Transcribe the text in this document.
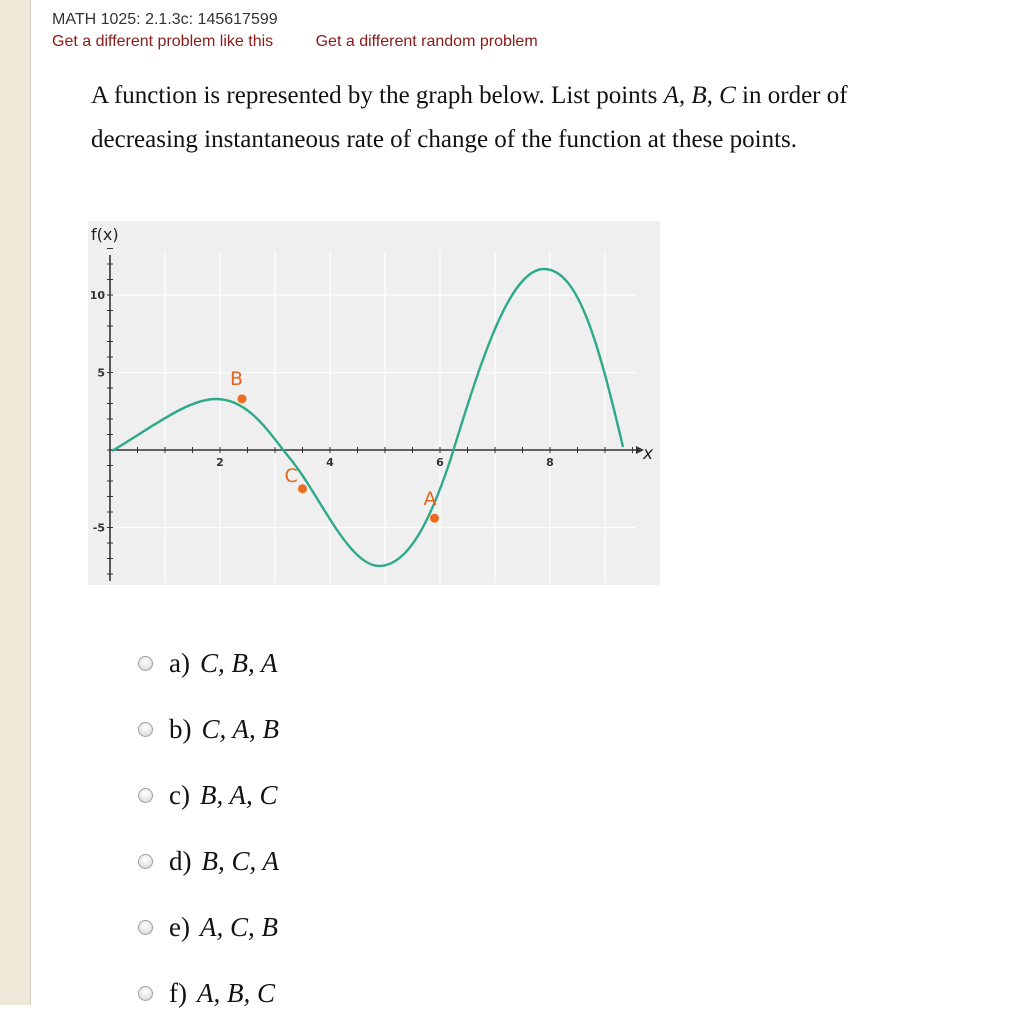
MATH 1025: 2.1.3c: 145617599

Get a different problem like this	Get a different random problem
A function is represented by the graph below. List points A, B, C in order of decreasing instantaneous rate of change of the function at these points.
2	4	6	8
10
5
-5
B
C
A
f(x)
x
a) C, B, A
b) C, A, B
c) B, A, C
d) B, C, A
e) A, C, B
f) A, B, C
